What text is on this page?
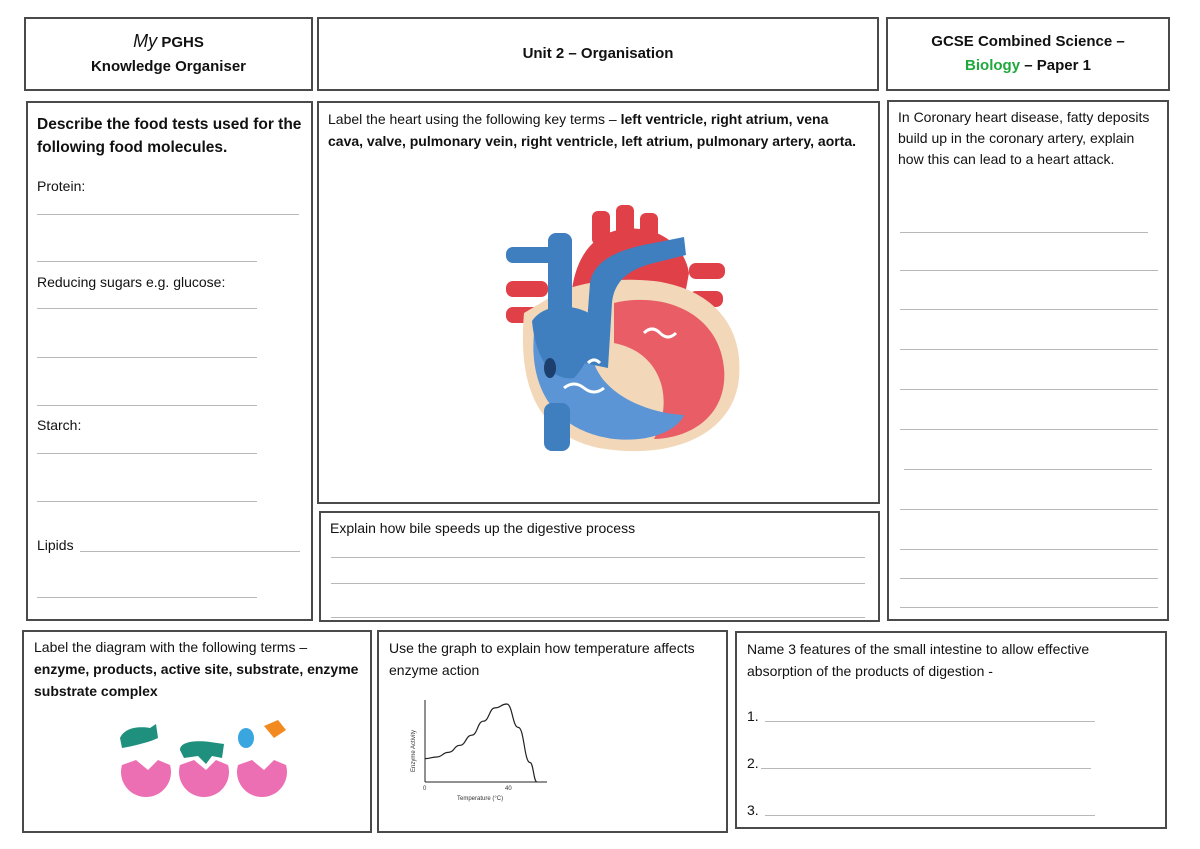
My PGHS
Knowledge Organiser
Unit 2 – Organisation
GCSE Combined Science –
Biology – Paper 1
Describe the food tests used for the following food molecules.
Protein:
Reducing sugars e.g. glucose:
Starch:
Lipids
Label the heart using the following key terms – left ventricle, right atrium, vena cava, valve, pulmonary vein, right ventricle, left atrium, pulmonary artery, aorta.
Explain how bile speeds up the digestive process
In Coronary heart disease, fatty deposits build up in the coronary artery, explain how this can lead to a heart attack.
Label the diagram with the following terms – enzyme, products, active site, substrate, enzyme substrate complex
Use the graph to explain how temperature affects enzyme action
Enzyme Activity
Temperature (°C)
0	40
Name 3 features of the small intestine to allow effective absorption of the products of digestion -
1.
2.
3.
